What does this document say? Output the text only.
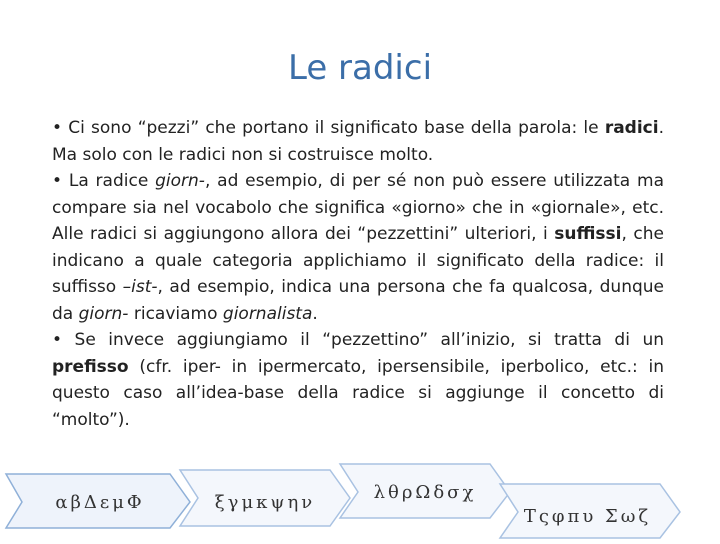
Le radici

• Ci sono “pezzi” che portano il significato base della parola: le radici. Ma solo con le radici non si costruisce molto.

• La radice giorn-, ad esempio, di per sé non può essere utilizzata ma compare sia nel vocabolo che significa «giorno» che in «giornale», etc. Alle radici si aggiungono allora dei “pezzettini” ulteriori, i suffissi, che indicano a quale categoria applichiamo il significato della radice: il suffisso –ist-, ad esempio, indica una persona che fa qualcosa, dunque da giorn- ricaviamo giornalista.

• Se invece aggiungiamo il “pezzettino” all’inizio, si tratta di un prefisso (cfr. iper- in ipermercato, ipersensibile, iperbolico, etc.: in questo caso all’idea-base della radice si aggiunge il concetto di “molto”).

αβΔεμΦ	ξγμκψην	λθρΩδσχ
Τςφπυ Σωζ
